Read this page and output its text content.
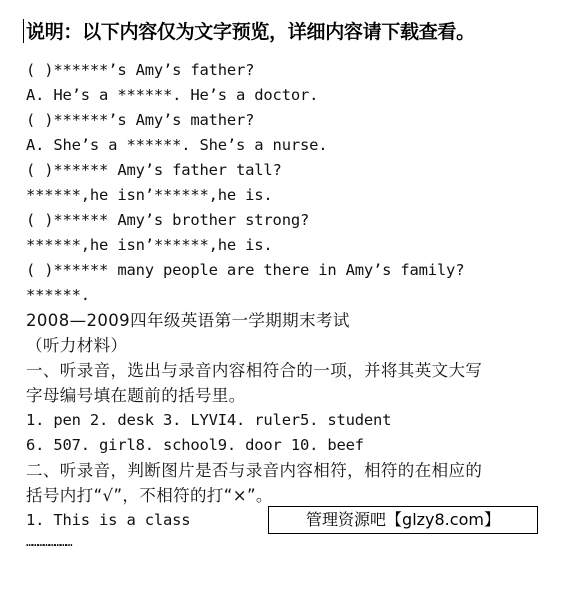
说明：以下内容仅为文字预览，详细内容请下载查看。
( )******’s Amy’s father?
A. He’s a ******. He’s a doctor.
( )******’s Amy’s mather?
A. She’s a ******. She’s a nurse.
( )****** Amy’s father tall?
******,he isn’******,he is.
( )****** Amy’s brother strong?
******,he isn’******,he is.
( )****** many people are there in Amy’s family?
******.
2008—2009四年级英语第一学期期末考试
（听力材料）
一、听录音，选出与录音内容相符合的一项，并将其英文大写
字母编号填在题前的括号里。
1. pen 2. desk 3. LYVI4. ruler5. student
6. 507. girl8. school9. door 10. beef
二、听录音，判断图片是否与录音内容相符，相符的在相应的
括号内打“√”，不相符的打“×”。
1. This is a class
……………………
管理资源吧【glzy8.com】
